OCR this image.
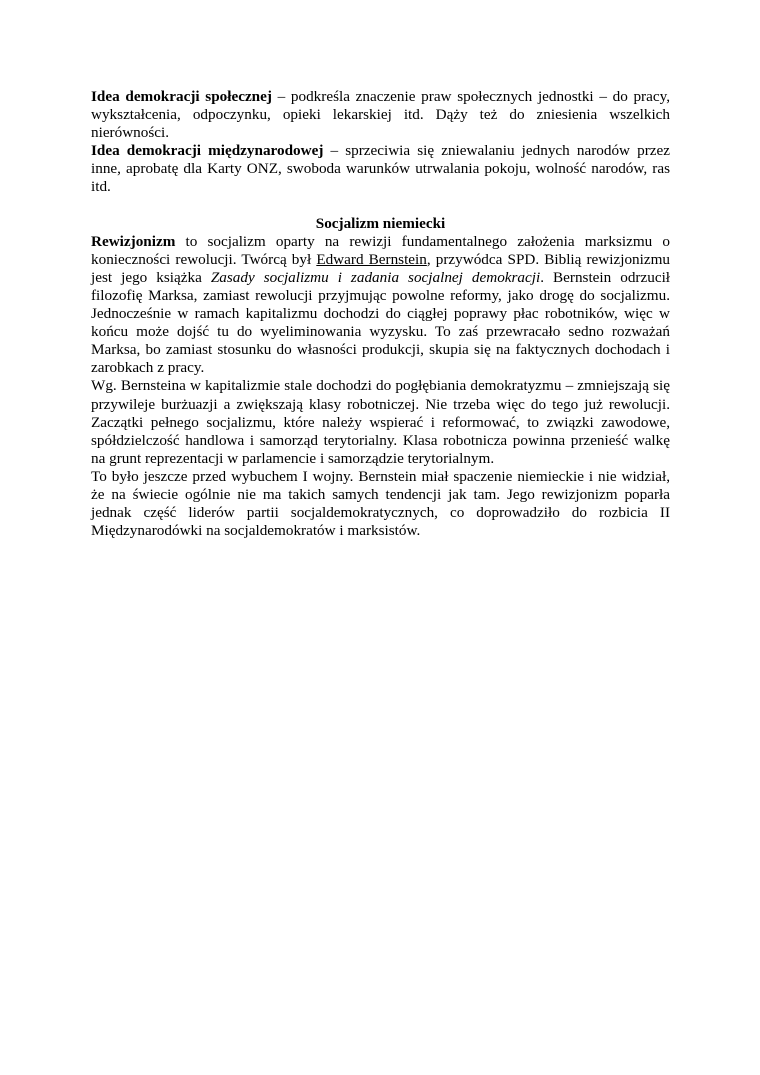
Idea demokracji społecznej – podkreśla znaczenie praw społecznych jednostki – do pracy, wykształcenia, odpoczynku, opieki lekarskiej itd. Dąży też do zniesienia wszelkich nierówności.

Idea demokracji międzynarodowej – sprzeciwia się zniewalaniu jednych narodów przez inne, aprobatę dla Karty ONZ, swoboda warunków utrwalania pokoju, wolność narodów, ras itd.

Socjalizm niemiecki

Rewizjonizm to socjalizm oparty na rewizji fundamentalnego założenia marksizmu o konieczności rewolucji. Twórcą był Edward Bernstein, przywódca SPD. Biblią rewizjonizmu jest jego książka Zasady socjalizmu i zadania socjalnej demokracji. Bernstein odrzucił filozofię Marksa, zamiast rewolucji przyjmując powolne reformy, jako drogę do socjalizmu. Jednocześnie w ramach kapitalizmu dochodzi do ciągłej poprawy płac robotników, więc w końcu może dojść tu do wyeliminowania wyzysku. To zaś przewracało sedno rozważań Marksa, bo zamiast stosunku do własności produkcji, skupia się na faktycznych dochodach i zarobkach z pracy.

Wg. Bernsteina w kapitalizmie stale dochodzi do pogłębiania demokratyzmu – zmniejszają się przywileje burżuazji a zwiększają klasy robotniczej. Nie trzeba więc do tego już rewolucji. Zaczątki pełnego socjalizmu, które należy wspierać i reformować, to związki zawodowe, spółdzielczość handlowa i samorząd terytorialny. Klasa robotnicza powinna przenieść walkę na grunt reprezentacji w parlamencie i samorządzie terytorialnym.

To było jeszcze przed wybuchem I wojny. Bernstein miał spaczenie niemieckie i nie widział, że na świecie ogólnie nie ma takich samych tendencji jak tam. Jego rewizjonizm poparła jednak część liderów partii socjaldemokratycznych, co doprowadziło do rozbicia II Międzynarodówki na socjaldemokratów i marksistów.
